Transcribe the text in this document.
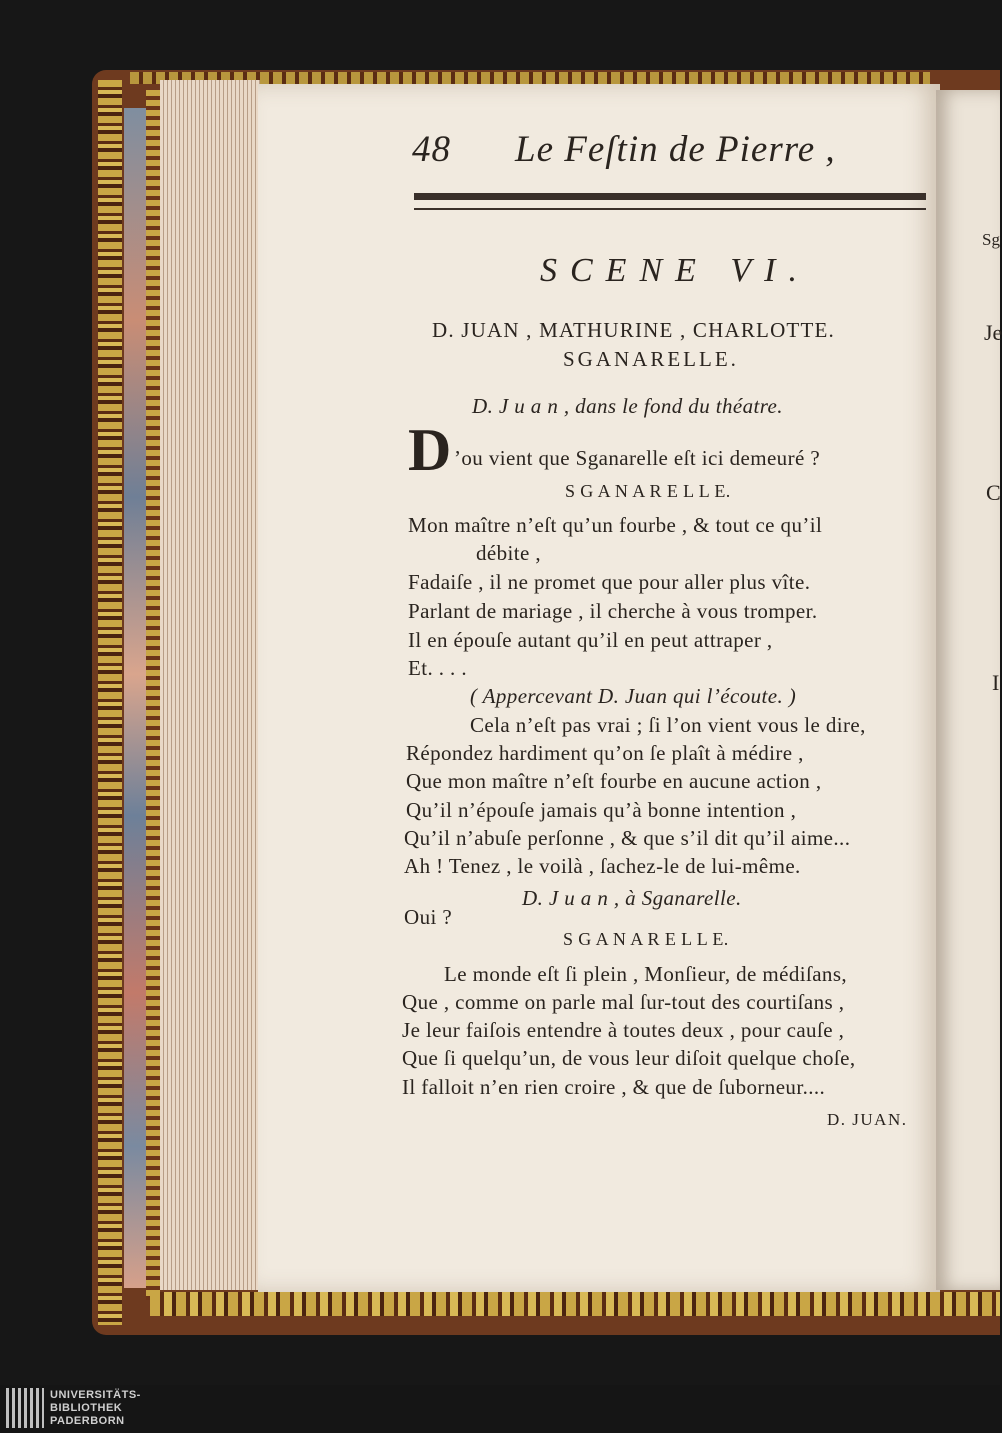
Sg
Je
C
I
48 Le Feſtin de Pierre ,
SCENE VI.
D. JUAN , MATHURINE , CHARLOTTE.
SGANARELLE.
D. J u a n , dans le fond du théatre.
D ’ou vient que Sganarelle eſt ici demeuré ?
S G A N A R E L L E.
Mon maître n’eſt qu’un fourbe , & tout ce qu’il
débite ,
Fadaiſe , il ne promet que pour aller plus vîte.
Parlant de mariage , il cherche à vous tromper.
Il en épouſe autant qu’il en peut attraper ,
Et. . . .
( Appercevant D. Juan qui l’écoute. )
Cela n’eſt pas vrai ; ſi l’on vient vous le dire,
Répondez hardiment qu’on ſe plaît à médire ,
Que mon maître n’eſt fourbe en aucune action ,
Qu’il n’épouſe jamais qu’à bonne intention ,
Qu’il n’abuſe perſonne , & que s’il dit qu’il aime...
Ah ! Tenez , le voilà , ſachez-le de lui-même.
D. J u a n , à Sganarelle.
Oui ?
S G A N A R E L L E.
Le monde eſt ſi plein , Monſieur, de médiſans,
Que , comme on parle mal ſur-tout des courtiſans ,
Je leur faiſois entendre à toutes deux , pour cauſe ,
Que ſi quelqu’un, de vous leur diſoit quelque choſe,
Il falloit n’en rien croire , & que de ſuborneur....
D. JUAN.
UNIVERSITÄTS-
BIBLIOTHEK
PADERBORN
